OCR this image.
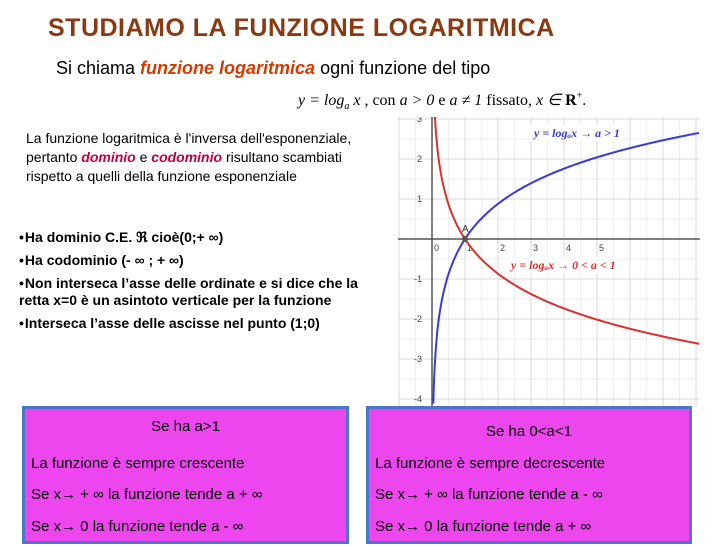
STUDIAMO LA FUNZIONE LOGARITMICA
Si chiama funzione logaritmica ogni funzione del tipo
$y = \log_a x$ , con a > 0 e a ≠ 1 fissato, x ∈ R+.
La funzione logaritmica è l'inversa dell'esponenziale, pertanto dominio e codominio risultano scambiati rispetto a quelli della funzione esponenziale
• Ha dominio C.E. ℜ cioè(0;+ ∞)
• Ha codominio (- ∞ ; + ∞)
• Non interseca l’asse delle ordinate e si dice che la retta x=0 è un asintoto verticale per la funzione
• Interseca l’asse delle ascisse nel punto (1;0)
0	1	2	3	4	5
3
2
1
-1
-2
-3
-4
A
y = logₐx → a > 1
y = logₐx → 0 < a < 1
Se ha a>1
La funzione è sempre crescente
Se x→ + ∞ la funzione tende a + ∞
Se x→ 0 la funzione tende a - ∞
Se ha 0<a<1
La funzione è sempre decrescente
Se x→ + ∞ la funzione tende a - ∞
Se x→ 0 la funzione tende a + ∞
